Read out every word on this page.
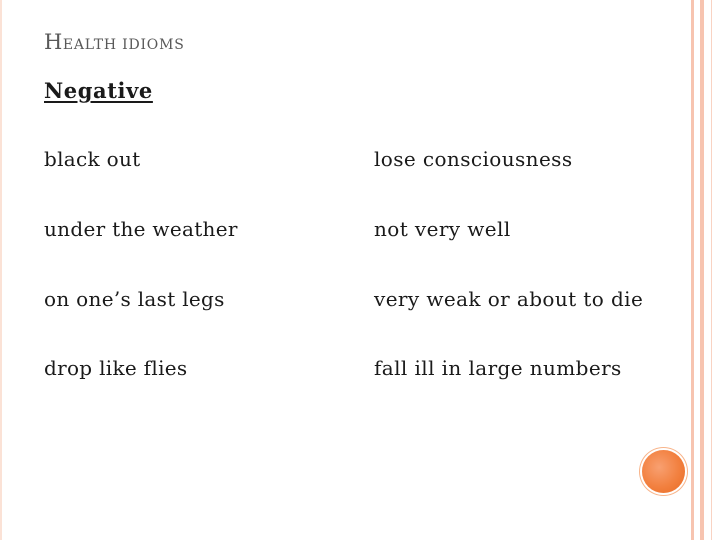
HEALTH IDIOMS
Negative
black out	lose consciousness
under the weather	not very well
on one’s last legs	very weak or about to die
drop like flies	fall ill in large numbers
